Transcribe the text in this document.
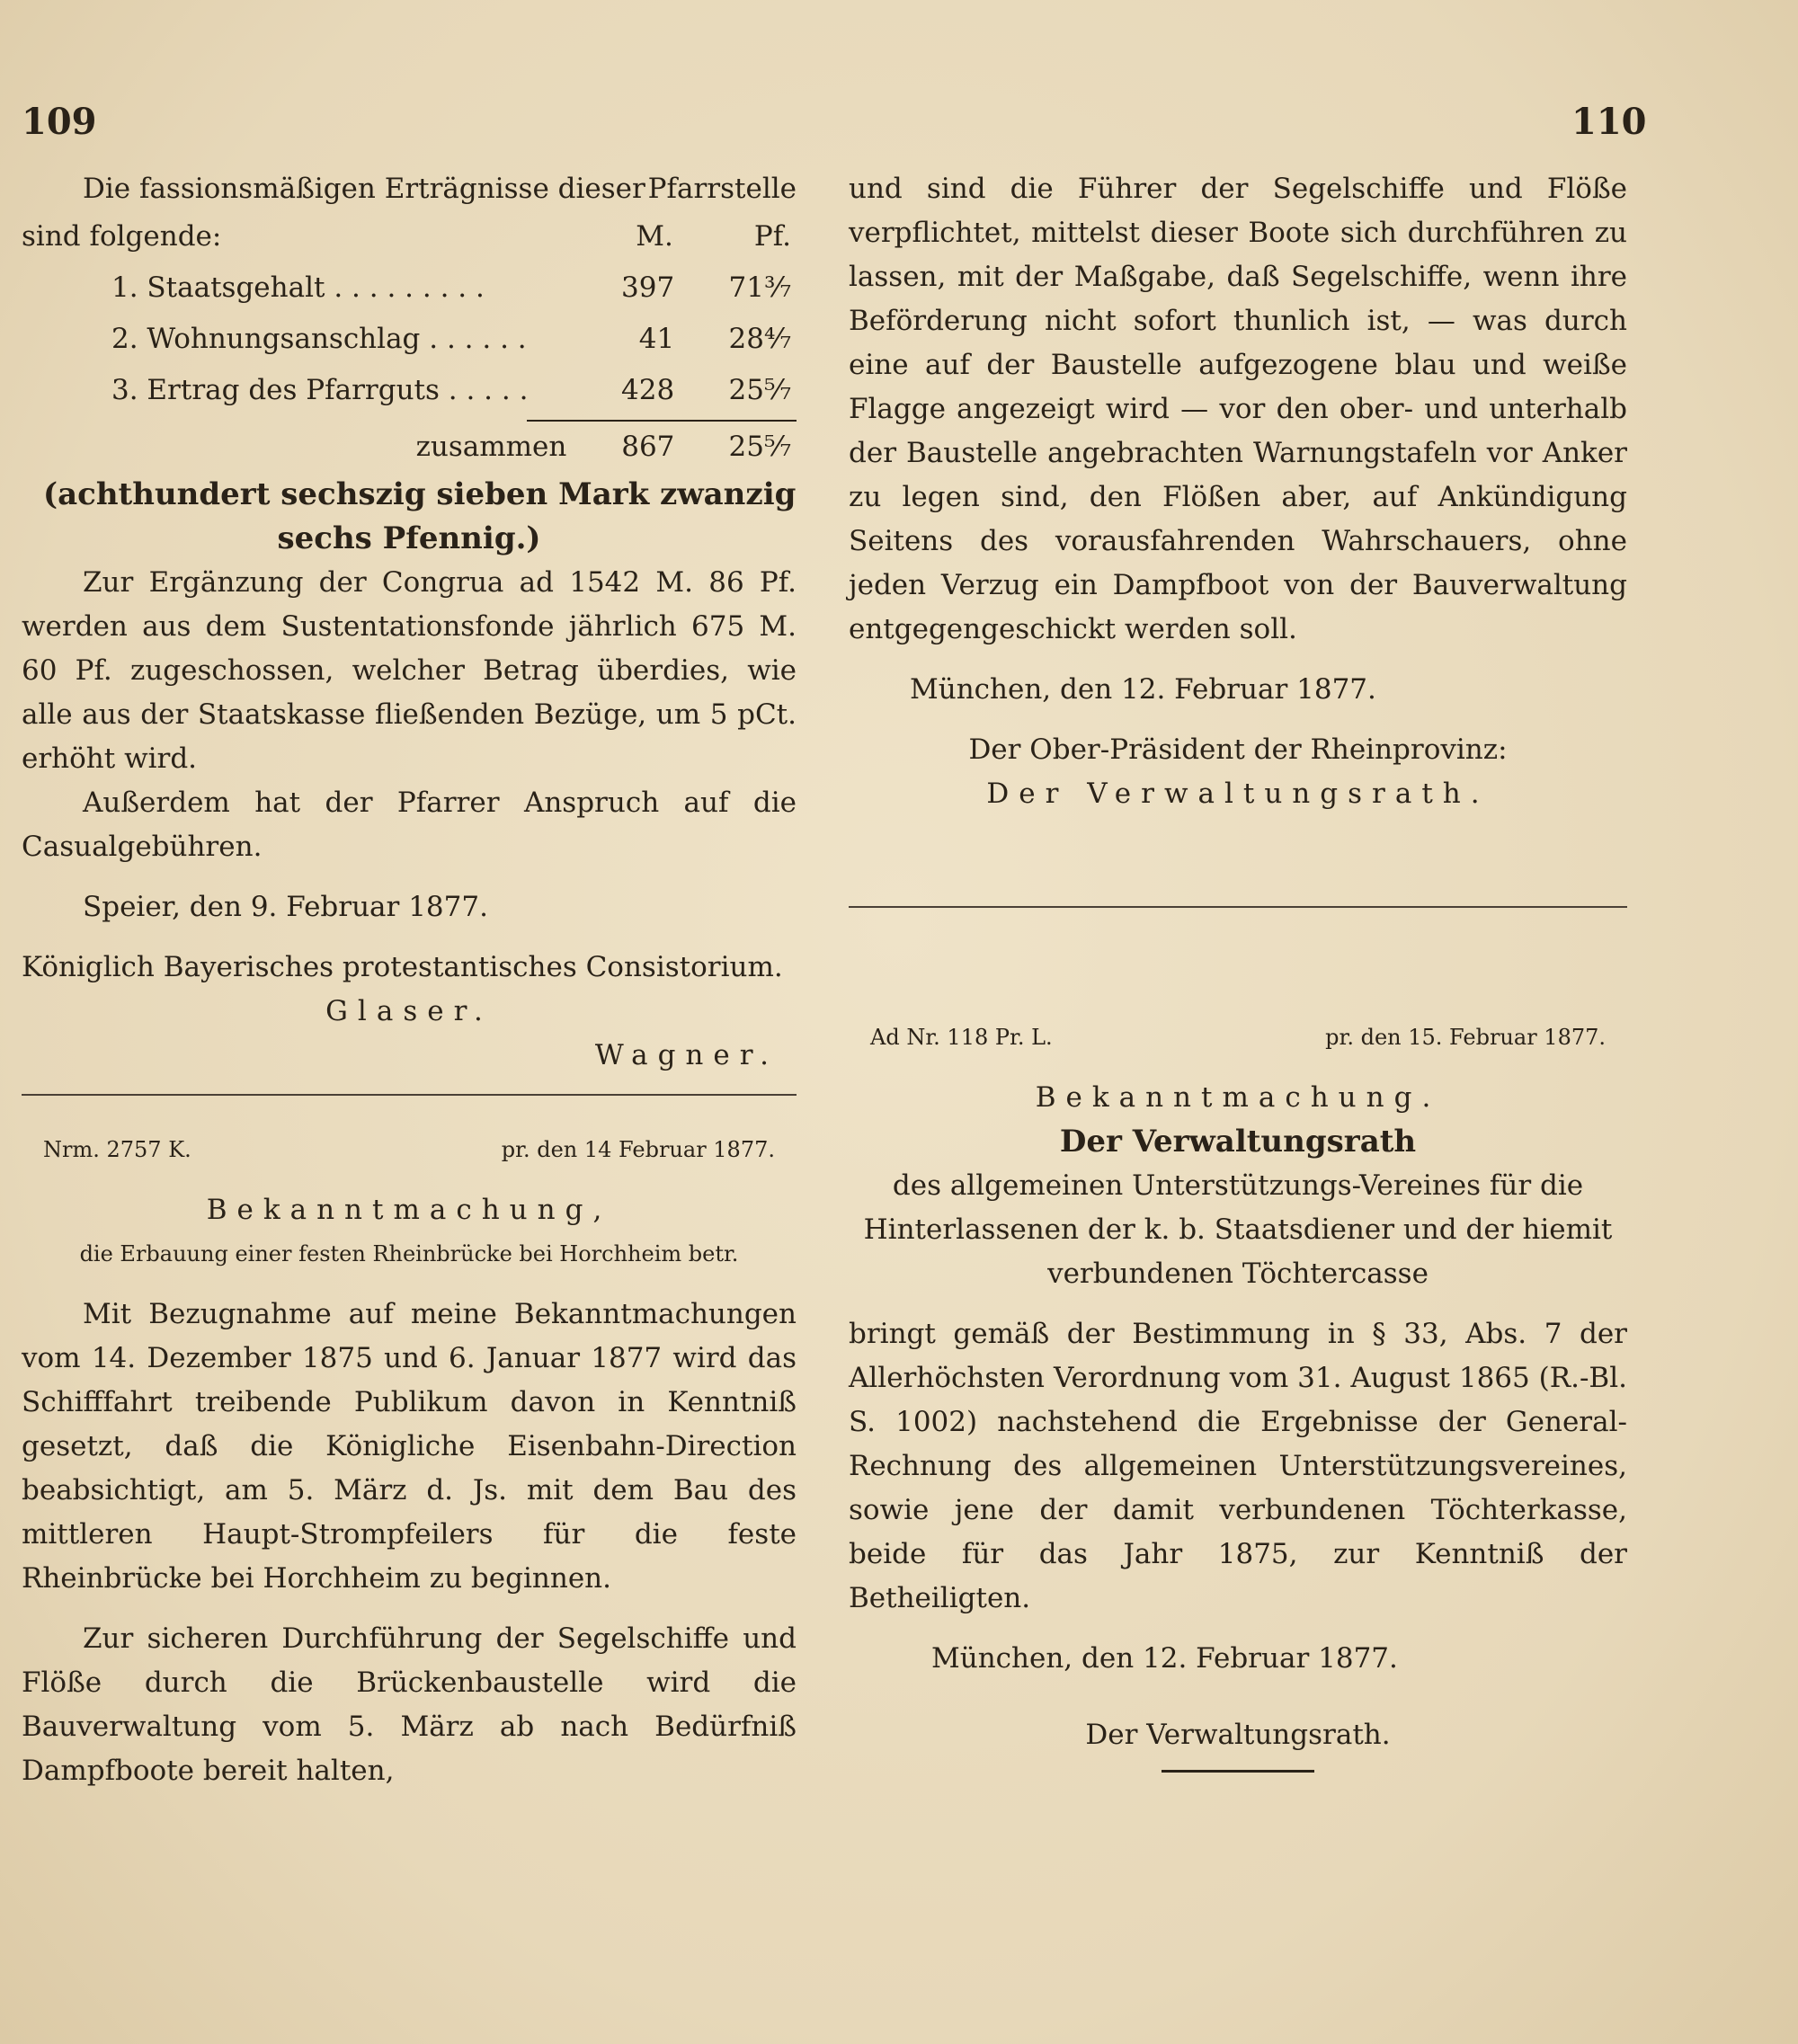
109	110
Die fassionsmäßigen Erträgnisse dieser Pfarrstelle
sind folgende:	M.	Pf.
1. Staatsgehalt . . . . . . . . .	397	71³⁄₇
2. Wohnungsanschlag . . . . . .	41	28⁴⁄₇
3. Ertrag des Pfarrguts . . . . .	428	25⁵⁄₇
zusammen	867	25⁵⁄₇

(achthundert sechszig sieben Mark zwanzig

sechs Pfennig.)

Zur Ergänzung der Congrua ad 1542 M. 86 Pf. werden aus dem Sustentationsfonde jährlich 675 M. 60 Pf. zugeschossen, welcher Betrag überdies, wie alle aus der Staatskasse fließenden Bezüge, um 5 pCt. erhöht wird.

Außerdem hat der Pfarrer Anspruch auf die Casualgebühren.

Speier, den 9. Februar 1877.

Königlich Bayerisches protestantisches Consistorium.

Glaser.

Wagner.

Nrm. 2757 K.	pr. den 14 Februar 1877.

Bekanntmachung,

die Erbauung einer festen Rheinbrücke bei Horchheim betr.

Mit Bezugnahme auf meine Bekanntmachungen vom 14. Dezember 1875 und 6. Januar 1877 wird das Schifffahrt treibende Publikum davon in Kenntniß gesetzt, daß die Königliche Eisenbahn-Direction beabsichtigt, am 5. März d. Js. mit dem Bau des mittleren Haupt-Strompfeilers für die feste Rheinbrücke bei Horchheim zu beginnen.

Zur sicheren Durchführung der Segelschiffe und Flöße durch die Brückenbaustelle wird die Bauverwaltung vom 5. März ab nach Bedürfniß Dampfboote bereit halten,

und sind die Führer der Segelschiffe und Flöße verpflichtet, mittelst dieser Boote sich durchführen zu lassen, mit der Maßgabe, daß Segelschiffe, wenn ihre Beförderung nicht sofort thunlich ist, — was durch eine auf der Baustelle aufgezogene blau und weiße Flagge angezeigt wird — vor den ober- und unterhalb der Baustelle angebrachten Warnungstafeln vor Anker zu legen sind, den Flößen aber, auf Ankündigung Seitens des vorausfahrenden Wahrschauers, ohne jeden Verzug ein Dampfboot von der Bauverwaltung entgegengeschickt werden soll.

München, den 12. Februar 1877.

Der Ober-Präsident der Rheinprovinz:

Der Verwaltungsrath.

Ad Nr. 118 Pr. L.	pr. den 15. Februar 1877.

Bekanntmachung.

Der Verwaltungsrath

des allgemeinen Unterstützungs-Vereines für die Hinterlassenen der k. b. Staatsdiener und der hiemit verbundenen Töchtercasse

bringt gemäß der Bestimmung in § 33, Abs. 7 der Allerhöchsten Verordnung vom 31. August 1865 (R.-Bl. S. 1002) nachstehend die Ergebnisse der General-Rechnung des allgemeinen Unterstützungsvereines, sowie jene der damit verbundenen Töchterkasse, beide für das Jahr 1875, zur Kenntniß der Betheiligten.

München, den 12. Februar 1877.

Der Verwaltungsrath.
